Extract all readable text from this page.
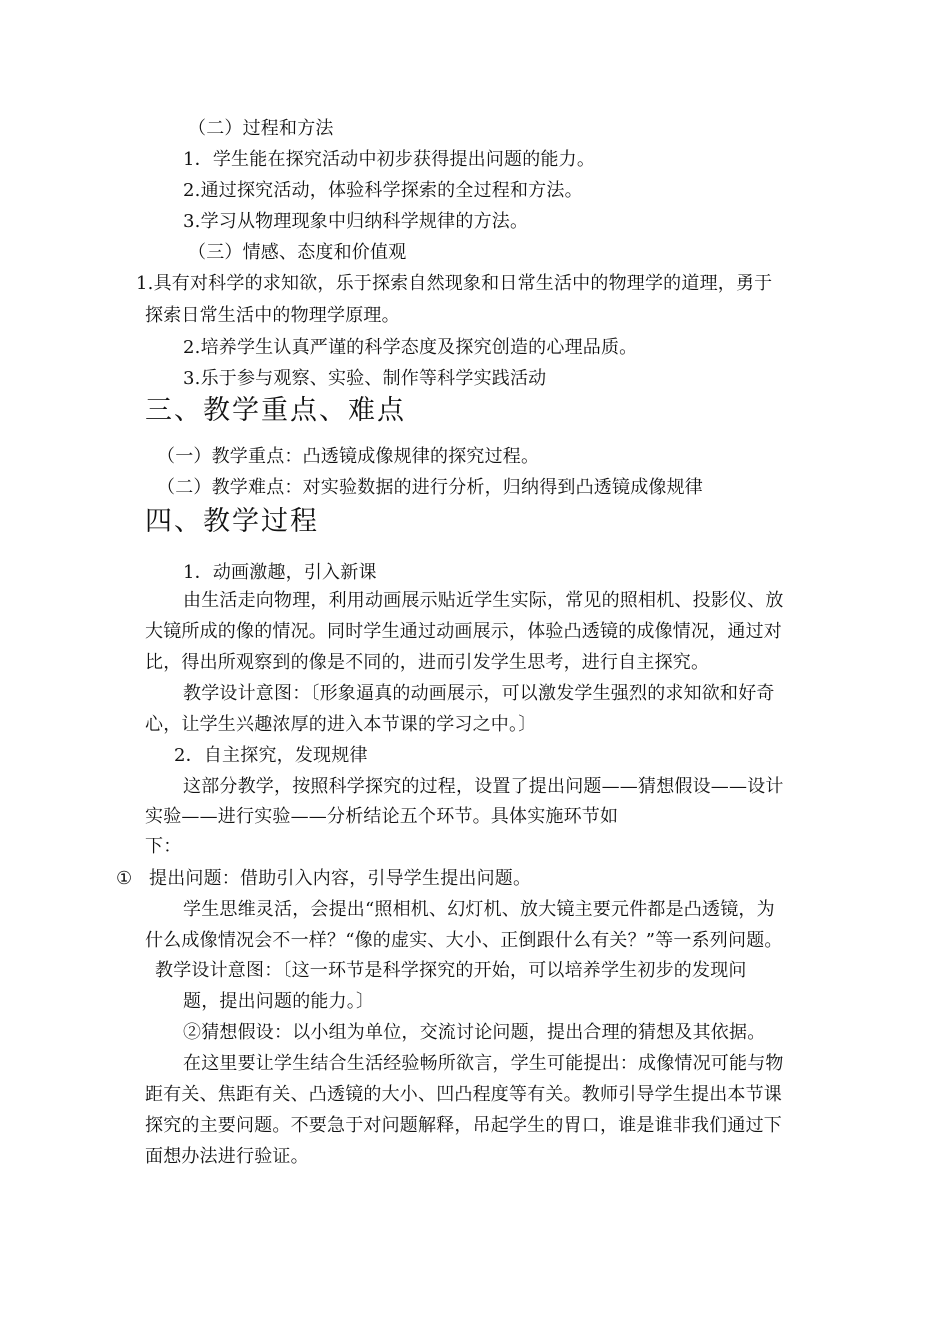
（二）过程和方法
1．学生能在探究活动中初步获得提出问题的能力。
2.通过探究活动，体验科学探索的全过程和方法。
3.学习从物理现象中归纳科学规律的方法。
（三）情感、态度和价值观
1.具有对科学的求知欲，乐于探索自然现象和日常生活中的物理学的道理，勇于
探索日常生活中的物理学原理。
2.培养学生认真严谨的科学态度及探究创造的心理品质。
3.乐于参与观察、实验、制作等科学实践活动
三、教学重点、难点
（一）教学重点：凸透镜成像规律的探究过程。
（二）教学难点：对实验数据的进行分析，归纳得到凸透镜成像规律
四、教学过程
1．动画激趣，引入新课
由生活走向物理，利用动画展示贴近学生实际，常见的照相机、投影仪、放
大镜所成的像的情况。同时学生通过动画展示，体验凸透镜的成像情况，通过对
比，得出所观察到的像是不同的，进而引发学生思考，进行自主探究。
教学设计意图：〔形象逼真的动画展示，可以激发学生强烈的求知欲和好奇
心，让学生兴趣浓厚的进入本节课的学习之中。〕
2．自主探究，发现规律
这部分教学，按照科学探究的过程，设置了提出问题——猜想假设——设计
实验——进行实验——分析结论五个环节。具体实施环节如
下：
① 提出问题：借助引入内容，引导学生提出问题。
学生思维灵活，会提出“照相机、幻灯机、放大镜主要元件都是凸透镜，为
什么成像情况会不一样？“像的虚实、大小、正倒跟什么有关？”等一系列问题。
教学设计意图：〔这一环节是科学探究的开始，可以培养学生初步的发现问
题，提出问题的能力。〕
②猜想假设：以小组为单位，交流讨论问题，提出合理的猜想及其依据。
在这里要让学生结合生活经验畅所欲言，学生可能提出：成像情况可能与物
距有关、焦距有关、凸透镜的大小、凹凸程度等有关。教师引导学生提出本节课
探究的主要问题。不要急于对问题解释，吊起学生的胃口，谁是谁非我们通过下
面想办法进行验证。
